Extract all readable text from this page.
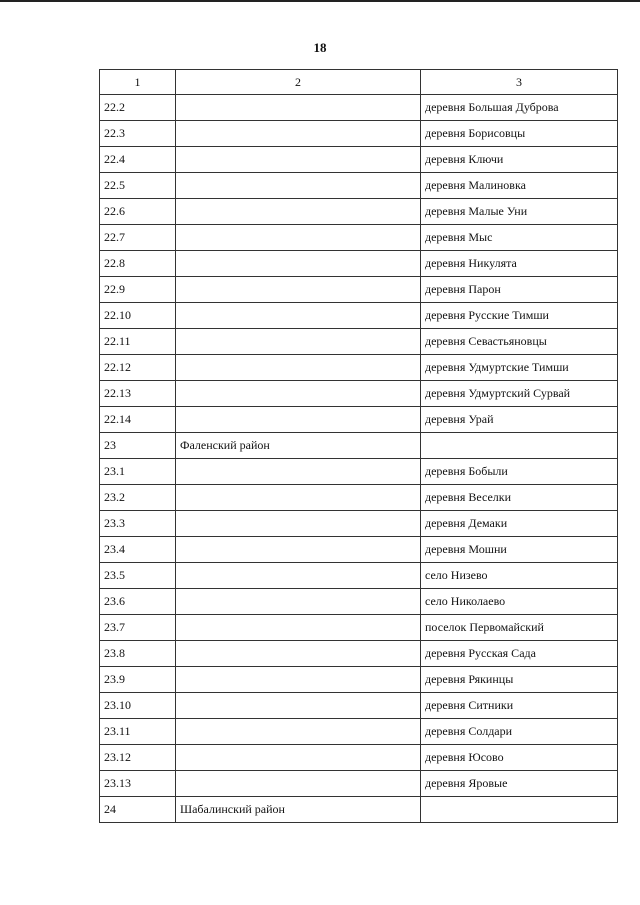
18
1	2	3
22.2		деревня Большая Дуброва
22.3		деревня Борисовцы
22.4		деревня Ключи
22.5		деревня Малиновка
22.6		деревня Малые Уни
22.7		деревня Мыс
22.8		деревня Никулята
22.9		деревня Парон
22.10		деревня Русские Тимши
22.11		деревня Севастьяновцы
22.12		деревня Удмуртские Тимши
22.13		деревня Удмуртский Сурвай
22.14		деревня Урай
23	Фаленский район	
23.1		деревня Бобыли
23.2		деревня Веселки
23.3		деревня Демаки
23.4		деревня Мошни
23.5		село Низево
23.6		село Николаево
23.7		поселок Первомайский
23.8		деревня Русская Сада
23.9		деревня Рякинцы
23.10		деревня Ситники
23.11		деревня Солдари
23.12		деревня Юсово
23.13		деревня Яровые
24	Шабалинский район	
